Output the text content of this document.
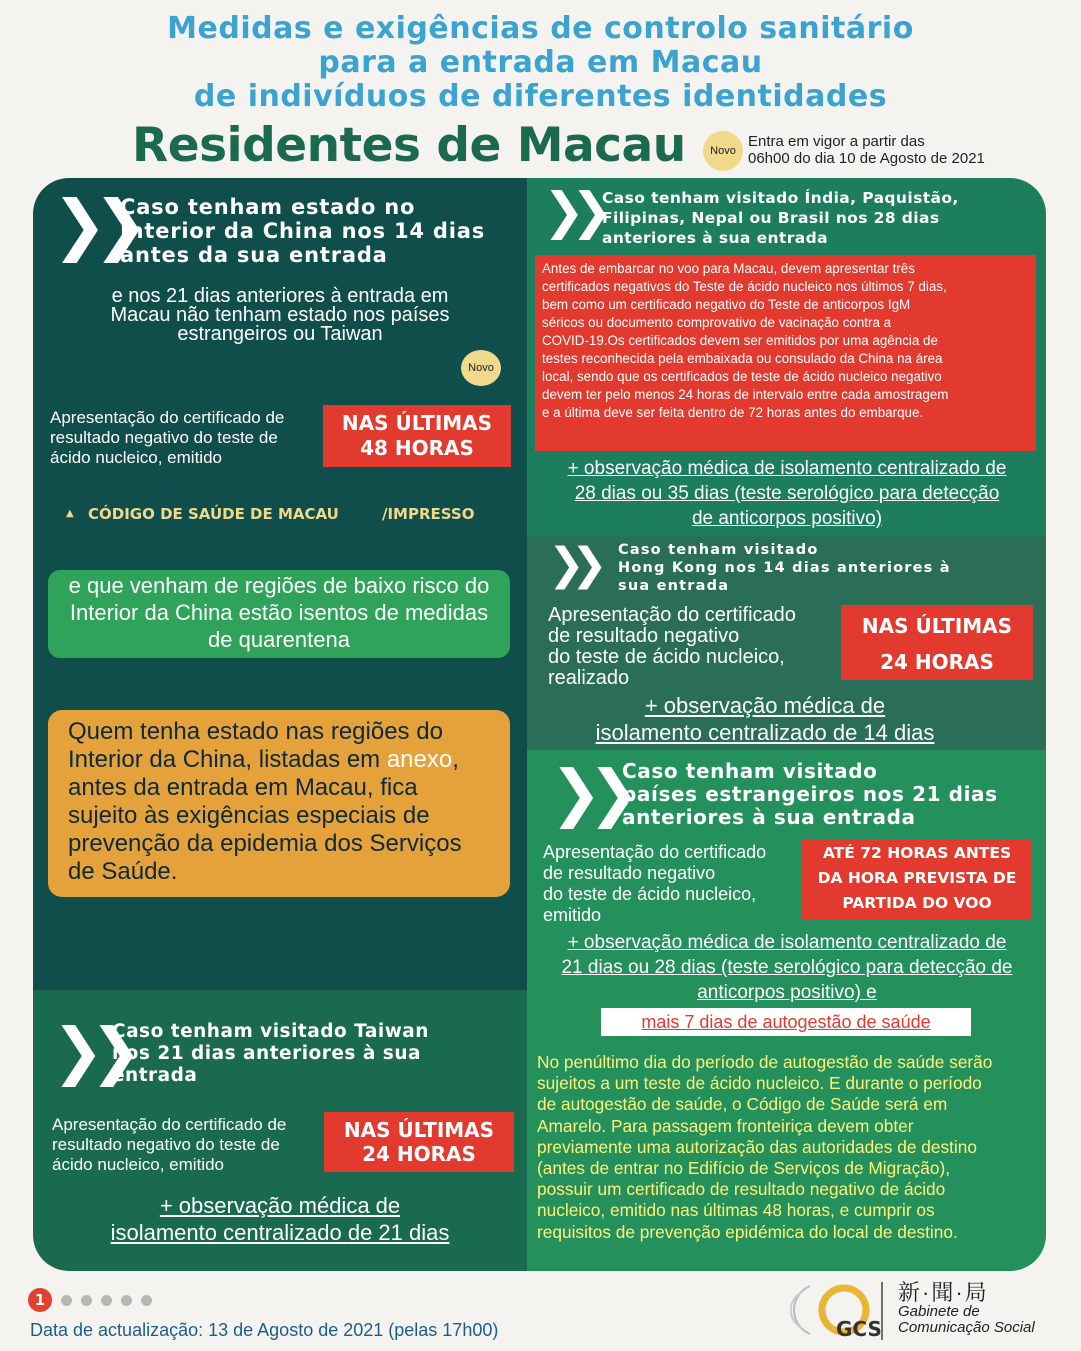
Medidas e exigências de controlo sanitário
para a entrada em Macau
de indivíduos de diferentes identidades
Residentes de Macau	Novo
Entra em vigor a partir das
06h00 do dia 10 de Agosto de 2021
❯❯
Caso tenham estado no
Interior da China nos 14 dias
antes da sua entrada
e nos 21 dias anteriores à entrada em
Macau não tenham estado nos países
estrangeiros ou Taiwan
Novo
Apresentação do certificado de
resultado negativo do teste de
ácido nucleico, emitido
NAS ÚLTIMAS
48 HORAS
▲ CÓDIGO DE SAÚDE DE MACAU	/IMPRESSO
e que venham de regiões de baixo risco do
Interior da China estão isentos de medidas
de quarentena
Quem tenha estado nas regiões do
Interior da China, listadas em anexo,
antes da entrada em Macau, fica
sujeito às exigências especiais de
prevenção da epidemia dos Serviços
de Saúde.
❯❯
Caso tenham visitado Taiwan
nos 21 dias anteriores à sua
entrada
Apresentação do certificado de
resultado negativo do teste de
ácido nucleico, emitido
NAS ÚLTIMAS
24 HORAS
+ observação médica de
isolamento centralizado de 21 dias
❯❯ Caso tenham visitado Índia, Paquistão,
Filipinas, Nepal ou Brasil nos 28 dias
anteriores à sua entrada
Antes de embarcar no voo para Macau, devem apresentar três
certificados negativos do Teste de ácido nucleico nos últimos 7 dias,
bem como um certificado negativo do Teste de anticorpos IgM
séricos ou documento comprovativo de vacinação contra a
COVID-19.Os certificados devem ser emitidos por uma agência de
testes reconhecida pela embaixada ou consulado da China na área
local, sendo que os certificados de teste de ácido nucleico negativo
devem ter pelo menos 24 horas de intervalo entre cada amostragem
e a última deve ser feita dentro de 72 horas antes do embarque.
+ observação médica de isolamento centralizado de
28 dias ou 35 dias (teste serológico para detecção
de anticorpos positivo)
❯❯ Caso tenham visitado
Hong Kong nos 14 dias anteriores à
sua entrada
Apresentação do certificado
de resultado negativo
do teste de ácido nucleico,
realizado
NAS ÚLTIMAS
24 HORAS
+ observação médica de
isolamento centralizado de 14 dias
❯❯
Caso tenham visitado
países estrangeiros nos 21 dias
anteriores à sua entrada
Apresentação do certificado
de resultado negativo
do teste de ácido nucleico,
emitido
ATÉ 72 HORAS ANTES
DA HORA PREVISTA DE
PARTIDA DO VOO
+ observação médica de isolamento centralizado de
21 dias ou 28 dias (teste serológico para detecção de
anticorpos positivo) e
mais 7 dias de autogestão de saúde
No penúltimo dia do período de autogestão de saúde serão
sujeitos a um teste de ácido nucleico. E durante o período
de autogestão de saúde, o Código de Saúde será em
Amarelo. Para passagem fronteiriça devem obter
previamente uma autorização das autoridades de destino
(antes de entrar no Edifício de Serviços de Migração),
possuir um certificado de resultado negativo de ácido
nucleico, emitido nas últimas 48 horas, e cumprir os
requisitos de prevenção epidémica do local de destino.
1
Data de actualização: 13 de Agosto de 2021 (pelas 17h00)	GCS
新·聞·局
Gabinete de
Comunicação Social
